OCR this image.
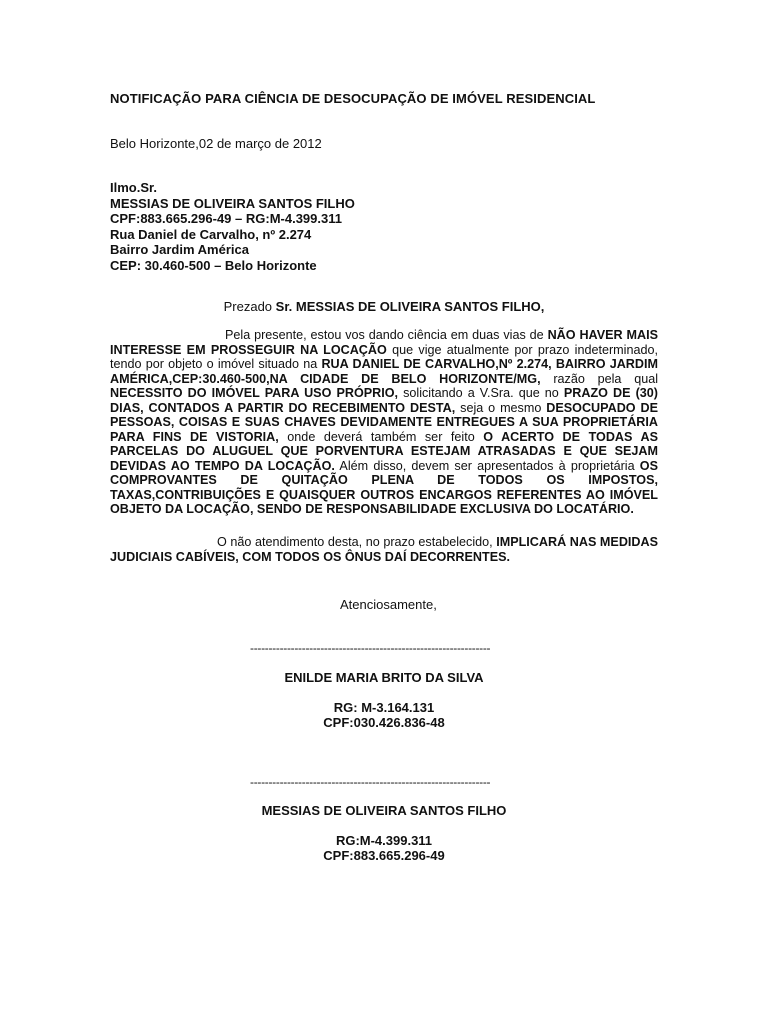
NOTIFICAÇÃO PARA CIÊNCIA DE DESOCUPAÇÃO DE IMÓVEL RESIDENCIAL
Belo Horizonte,02 de março de 2012
Ilmo.Sr.
MESSIAS DE OLIVEIRA SANTOS FILHO
CPF:883.665.296-49 – RG:M-4.399.311
Rua Daniel de Carvalho, nº 2.274
Bairro Jardim América
CEP: 30.460-500 – Belo Horizonte
Prezado Sr. MESSIAS DE OLIVEIRA SANTOS FILHO,

Pela presente, estou vos dando ciência em duas vias de NÃO HAVER MAIS INTERESSE EM PROSSEGUIR NA LOCAÇÃO que vige atualmente por prazo indeterminado, tendo por objeto o imóvel situado na RUA DANIEL DE CARVALHO,Nº 2.274, BAIRRO JARDIM AMÉRICA,CEP:30.460-500,NA CIDADE DE BELO HORIZONTE/MG, razão pela qual NECESSITO DO IMÓVEL PARA USO PRÓPRIO, solicitando a V.Sra. que no PRAZO DE (30) DIAS, CONTADOS A PARTIR DO RECEBIMENTO DESTA, seja o mesmo DESOCUPADO DE PESSOAS, COISAS E SUAS CHAVES DEVIDAMENTE ENTREGUES A SUA PROPRIETÁRIA PARA FINS DE VISTORIA, onde deverá também ser feito O ACERTO DE TODAS AS PARCELAS DO ALUGUEL QUE PORVENTURA ESTEJAM ATRASADAS E QUE SEJAM DEVIDAS AO TEMPO DA LOCAÇÃO. Além disso, devem ser apresentados à proprietária OS COMPROVANTES DE QUITAÇÃO PLENA DE TODOS OS IMPOSTOS, TAXAS,CONTRIBUIÇÕES E QUAISQUER OUTROS ENCARGOS REFERENTES AO IMÓVEL OBJETO DA LOCAÇÃO, SENDO DE RESPONSABILIDADE EXCLUSIVA DO LOCATÁRIO.

O não atendimento desta, no prazo estabelecido, IMPLICARÁ NAS MEDIDAS JUDICIAIS CABÍVEIS, COM TODOS OS ÔNUS DAÍ DECORRENTES.
Atenciosamente,
-----------------------------------------------------------------
ENILDE MARIA BRITO DA SILVA
RG: M-3.164.131
CPF:030.426.836-48
-----------------------------------------------------------------
MESSIAS DE OLIVEIRA SANTOS FILHO
RG:M-4.399.311
CPF:883.665.296-49
